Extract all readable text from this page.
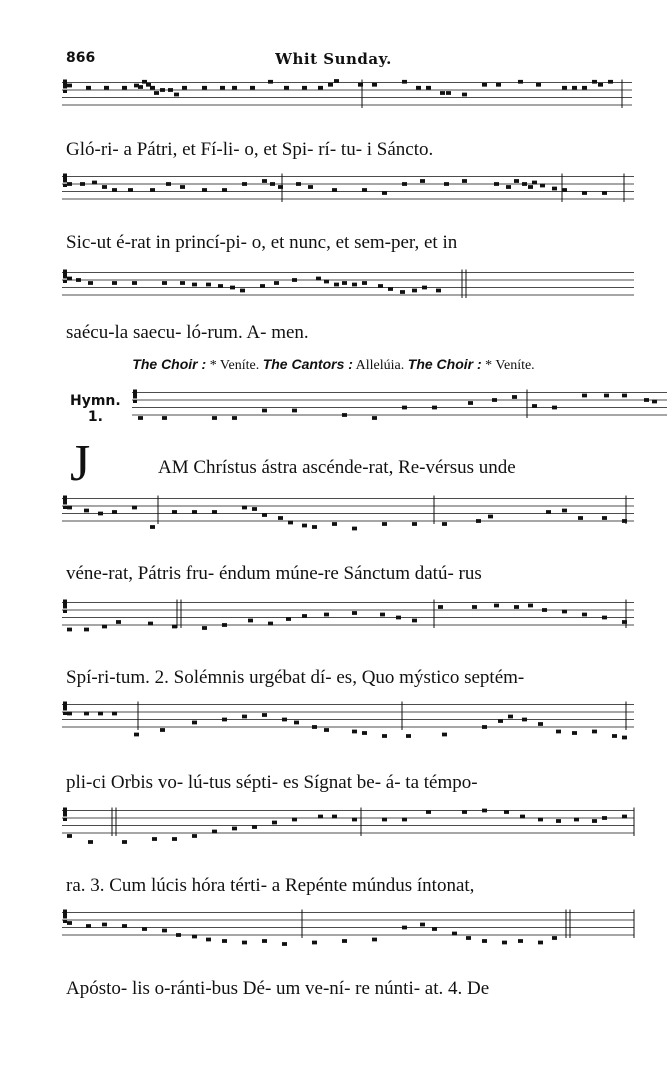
866	Whit Sunday.
Gló-ri- a Pátri, et Fí-li- o, et Spi- rí- tu- i Sáncto.
Sic-ut é-rat in princí-pi- o, et nunc, et sem-per, et in
saécu-la saecu- ló-rum. A- men.
The Choir : * Veníte. The Cantors : Allelúia. The Choir : * Veníte.
Hymn.
1.
J	AM Chrístus ástra ascénde-rat, Re-vérsus unde
véne-rat, Pátris fru- éndum múne-re Sánctum datú- rus
Spí-ri-tum. 2. Solémnis urgébat dí- es, Quo mýstico septém-
pli-ci Orbis vo- lú-tus sépti- es Sígnat be- á- ta témpo-
ra. 3. Cum lúcis hóra térti- a Repénte múndus íntonat,
Apósto- lis o-ránti-bus Dé- um ve-ní- re núnti- at. 4. De
